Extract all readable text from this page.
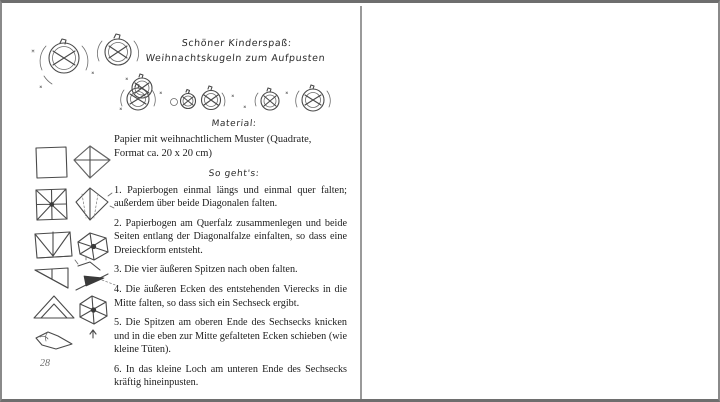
Schöner Kinderspaß:
Weihnachtskugeln zum Aufpusten
Material:
Papier mit weihnachtlichem Muster (Quadrate, Format ca. 20 x 20 cm)
So geht's:

1. Papierbogen einmal längs und einmal quer falten; außerdem über beide Diagonalen falten.

2. Papierbogen am Querfalz zusammenlegen und beide Seiten entlang der Diagonalfalze einfalten, so dass eine Dreieckform entsteht.

3. Die vier äußeren Spitzen nach oben falten.

4. Die äußeren Ecken des entstehenden Vierecks in die Mitte falten, so dass sich ein Sechseck ergibt.

5. Die Spitzen am oberen Ende des Sechsecks knicken und in die eben zur Mitte gefalteten Ecken schieben (wie kleine Tüten).

6. In das kleine Loch am unteren Ende des Sechsecks kräftig hineinpusten.

28
